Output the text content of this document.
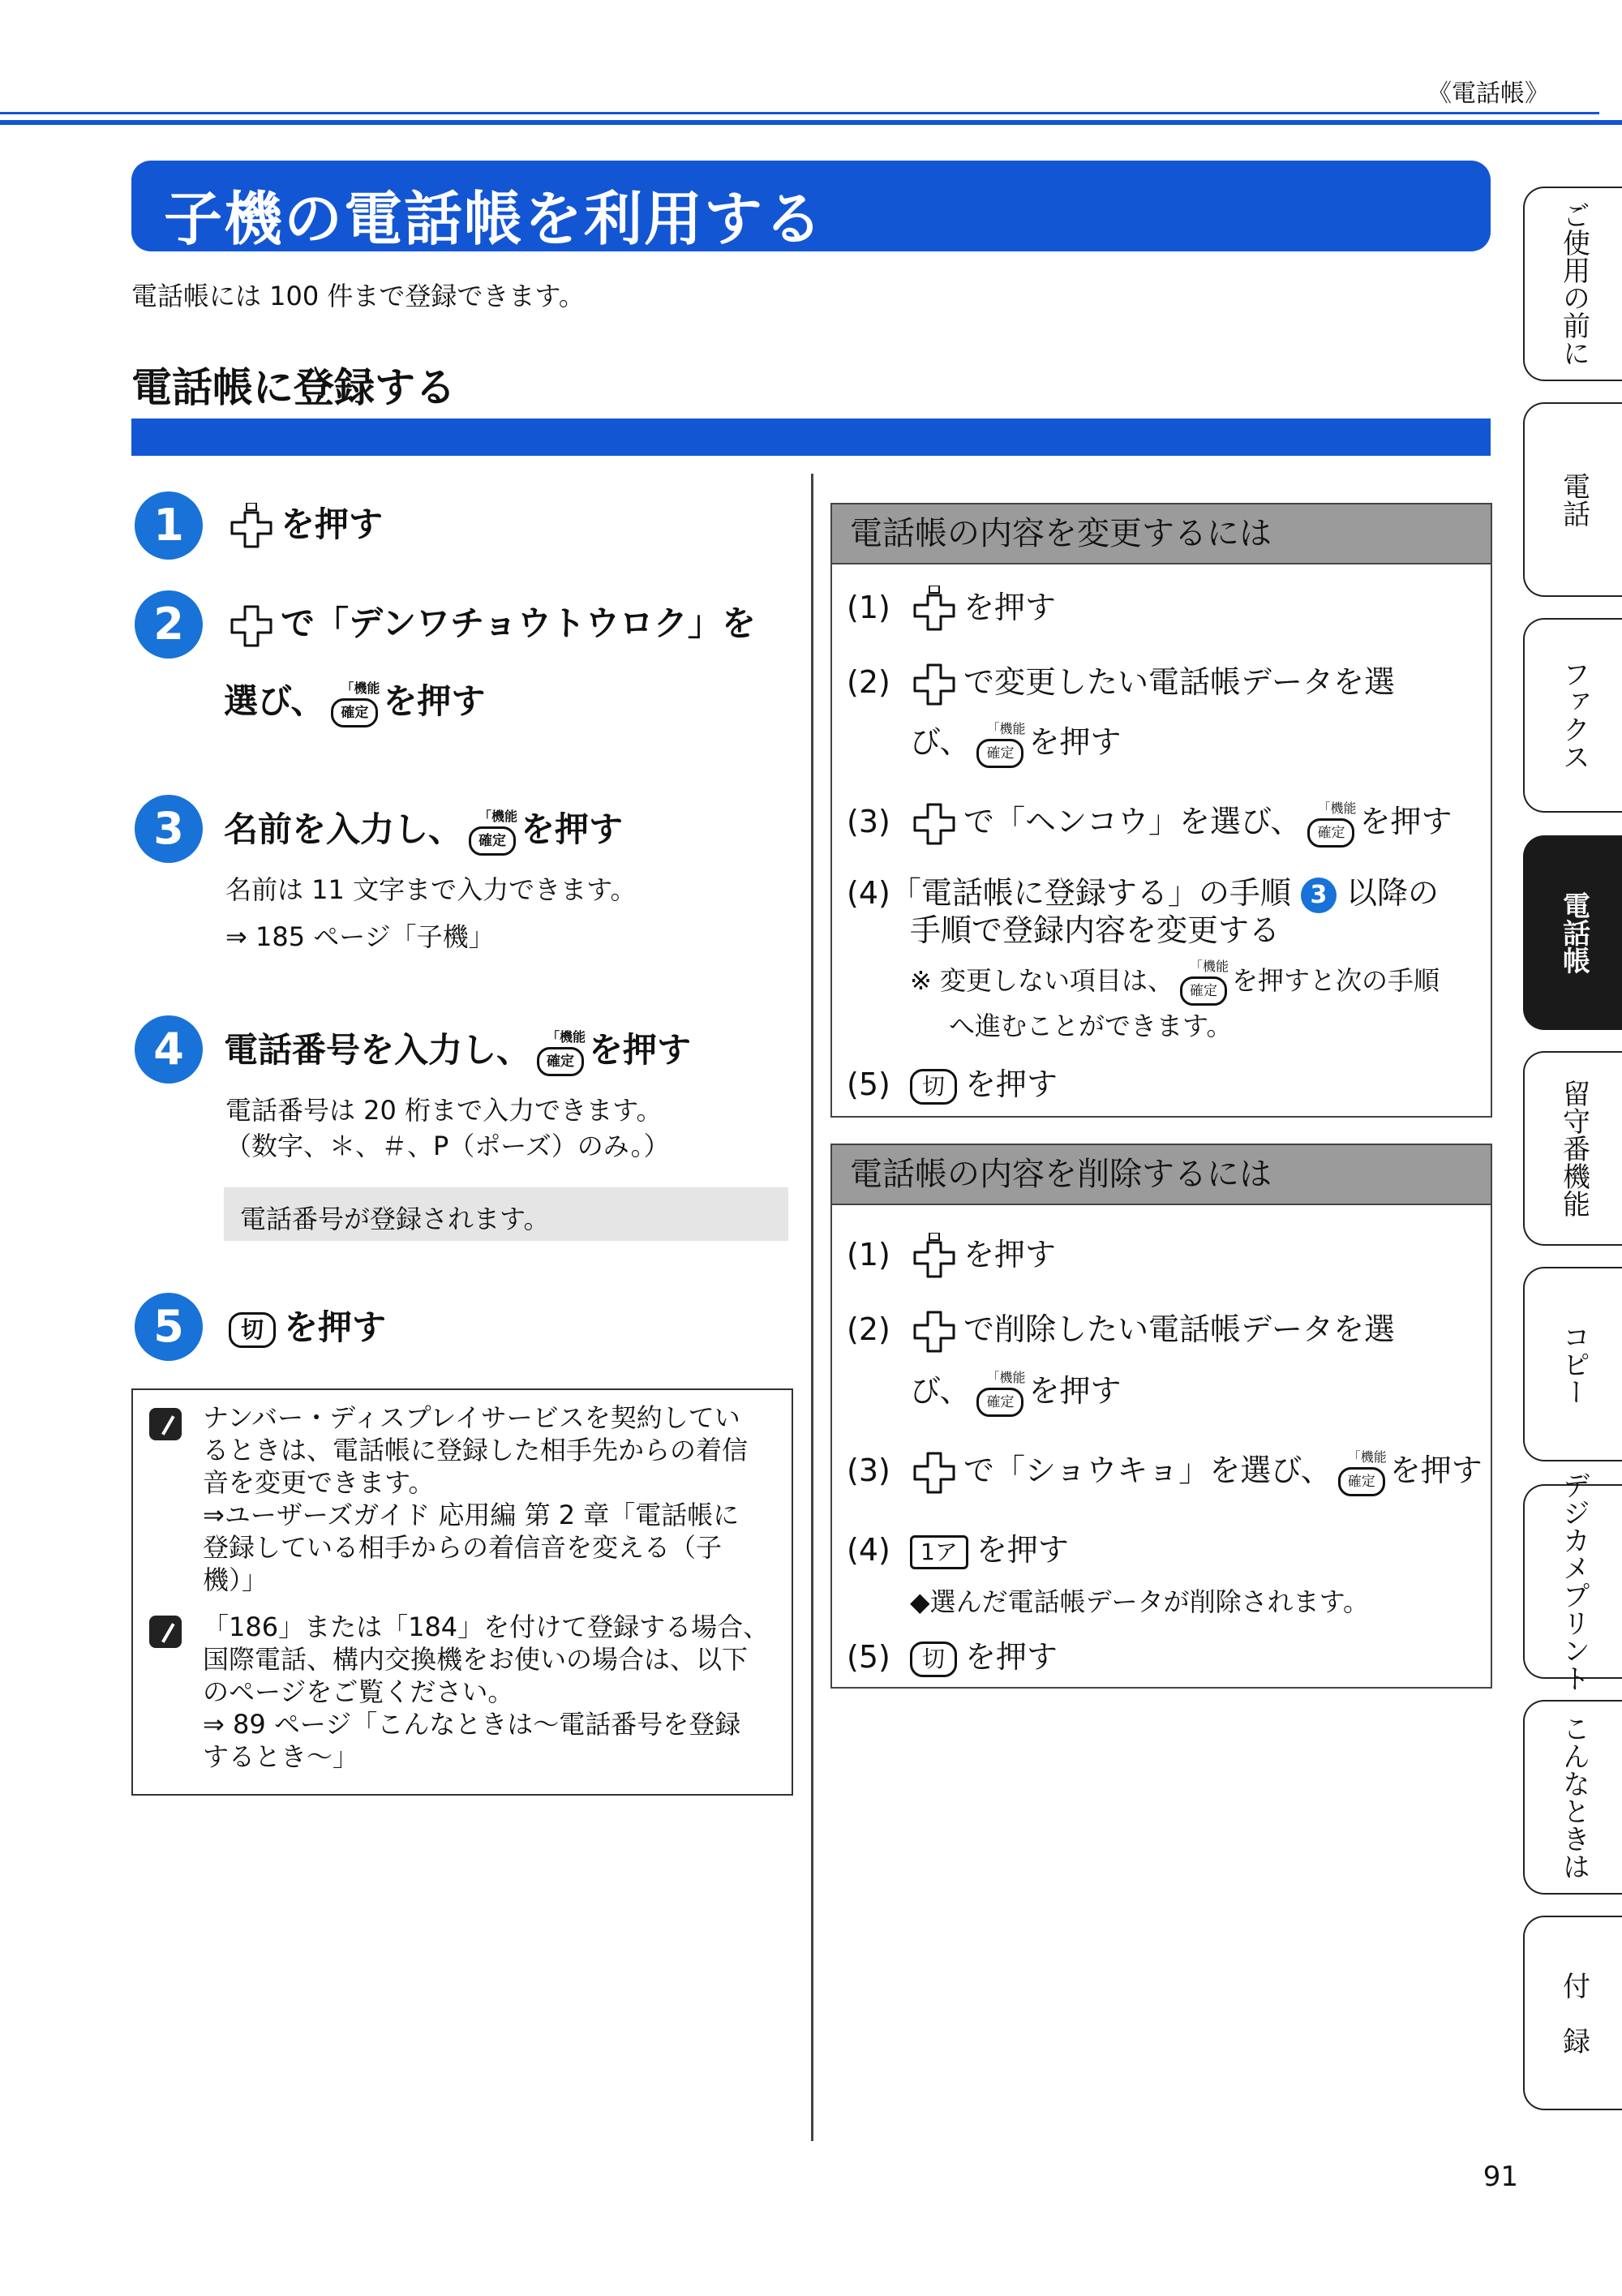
《電話帳》
子機の電話帳を利用する
電話帳には 100 件まで登録できます。
電話帳に登録する
1	を押す
2	で「デンワチョウトウロク」を
選び、 「機能
確定 を押す
3	名前を入力し、 「機能
確定 を押す
名前は 11 文字まで入力できます。
⇒ 185 ページ「子機」
4	電話番号を入力し、 「機能
確定 を押す
電話番号は 20 桁まで入力できます。
（数字、＊、＃、P（ポーズ）のみ。）
電話番号が登録されます。
5	切 を押す
ナンバー・ディスプレイサービスを契約してい
るときは、電話帳に登録した相手先からの着信
音を変更できます。
⇒ユーザーズガイド 応用編 第 2 章「電話帳に
登録している相手からの着信音を変える（子
機）」
「186」または「184」を付けて登録する場合、
国際電話、構内交換機をお使いの場合は、以下
のページをご覧ください。
⇒ 89 ページ「こんなときは～電話番号を登録
するとき～」
電話帳の内容を変更するには
(1) を押す
(2) で変更したい電話帳データを選
び、 「機能
確定 を押す
(3) で「ヘンコウ」を選び、 「機能
確定 を押す
(4)「電話帳に登録する」の手順 3 以降の
手順で登録内容を変更する
※ 変更しない項目は、 「機能
確定 を押すと次の手順
へ進むことができます。
(5) 切 を押す
電話帳の内容を削除するには
(1) を押す
(2) で削除したい電話帳データを選
び、 「機能
確定 を押す
(3) で「ショウキョ」を選び、 「機能
確定 を押す
(4) 1ア を押す
◆選んだ電話帳データが削除されます。
(5) 切 を押す
ご使用の前に
電話
ファクス
電話帳
留守番機能
コピー
デジカメプリント
こんなときは
付　録
91
